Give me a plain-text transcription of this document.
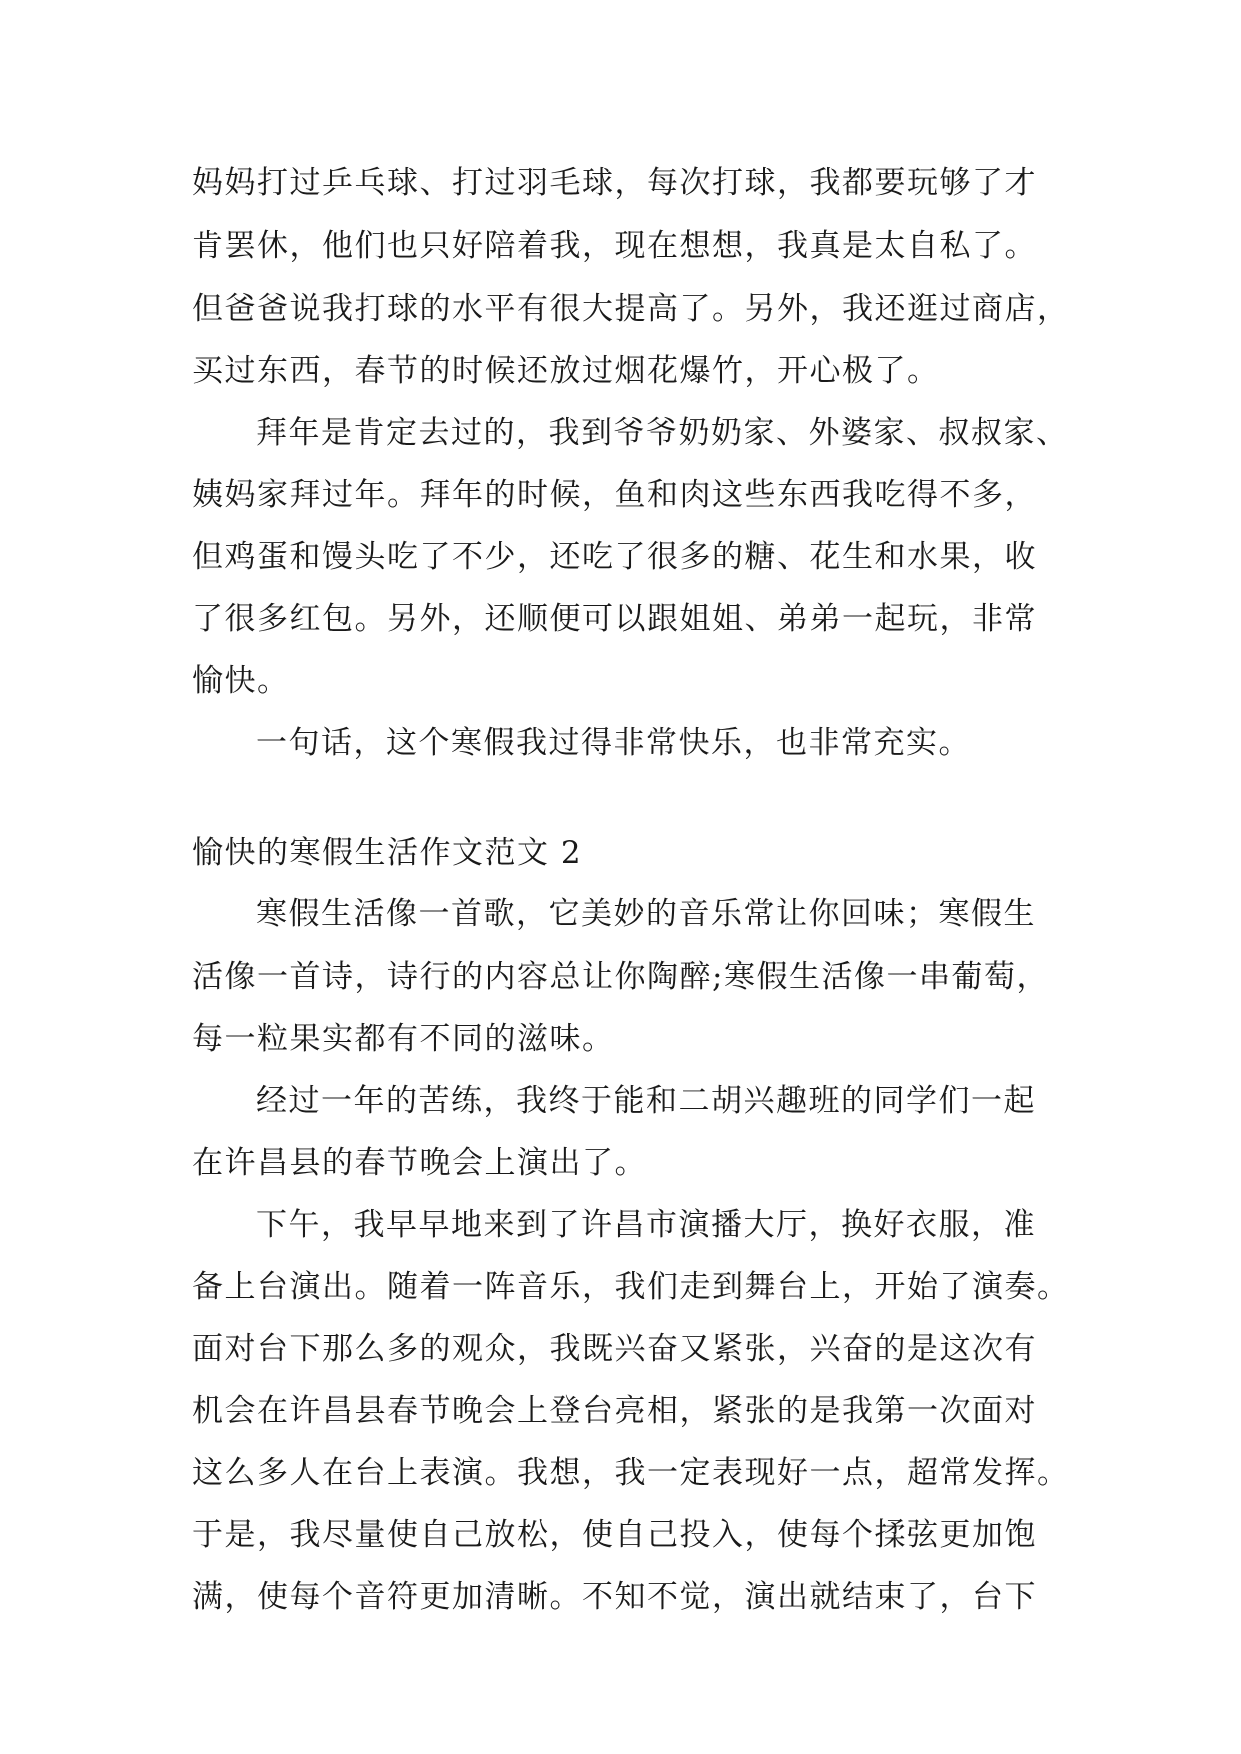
妈妈打过乒乓球、打过羽毛球，每次打球，我都要玩够了才
肯罢休，他们也只好陪着我，现在想想，我真是太自私了。
但爸爸说我打球的水平有很大提高了。另外，我还逛过商店，
买过东西，春节的时候还放过烟花爆竹，开心极了。
拜年是肯定去过的，我到爷爷奶奶家、外婆家、叔叔家、
姨妈家拜过年。拜年的时候，鱼和肉这些东西我吃得不多，
但鸡蛋和馒头吃了不少，还吃了很多的糖、花生和水果，收
了很多红包。另外，还顺便可以跟姐姐、弟弟一起玩，非常
愉快。
一句话，这个寒假我过得非常快乐，也非常充实。
愉快的寒假生活作文范文 2
寒假生活像一首歌，它美妙的音乐常让你回味；寒假生
活像一首诗，诗行的内容总让你陶醉;寒假生活像一串葡萄，
每一粒果实都有不同的滋味。
经过一年的苦练，我终于能和二胡兴趣班的同学们一起
在许昌县的春节晚会上演出了。
下午，我早早地来到了许昌市演播大厅，换好衣服，准
备上台演出。随着一阵音乐，我们走到舞台上，开始了演奏。
面对台下那么多的观众，我既兴奋又紧张，兴奋的是这次有
机会在许昌县春节晚会上登台亮相，紧张的是我第一次面对
这么多人在台上表演。我想，我一定表现好一点，超常发挥。
于是，我尽量使自己放松，使自己投入，使每个揉弦更加饱
满，使每个音符更加清晰。不知不觉，演出就结束了，台下
